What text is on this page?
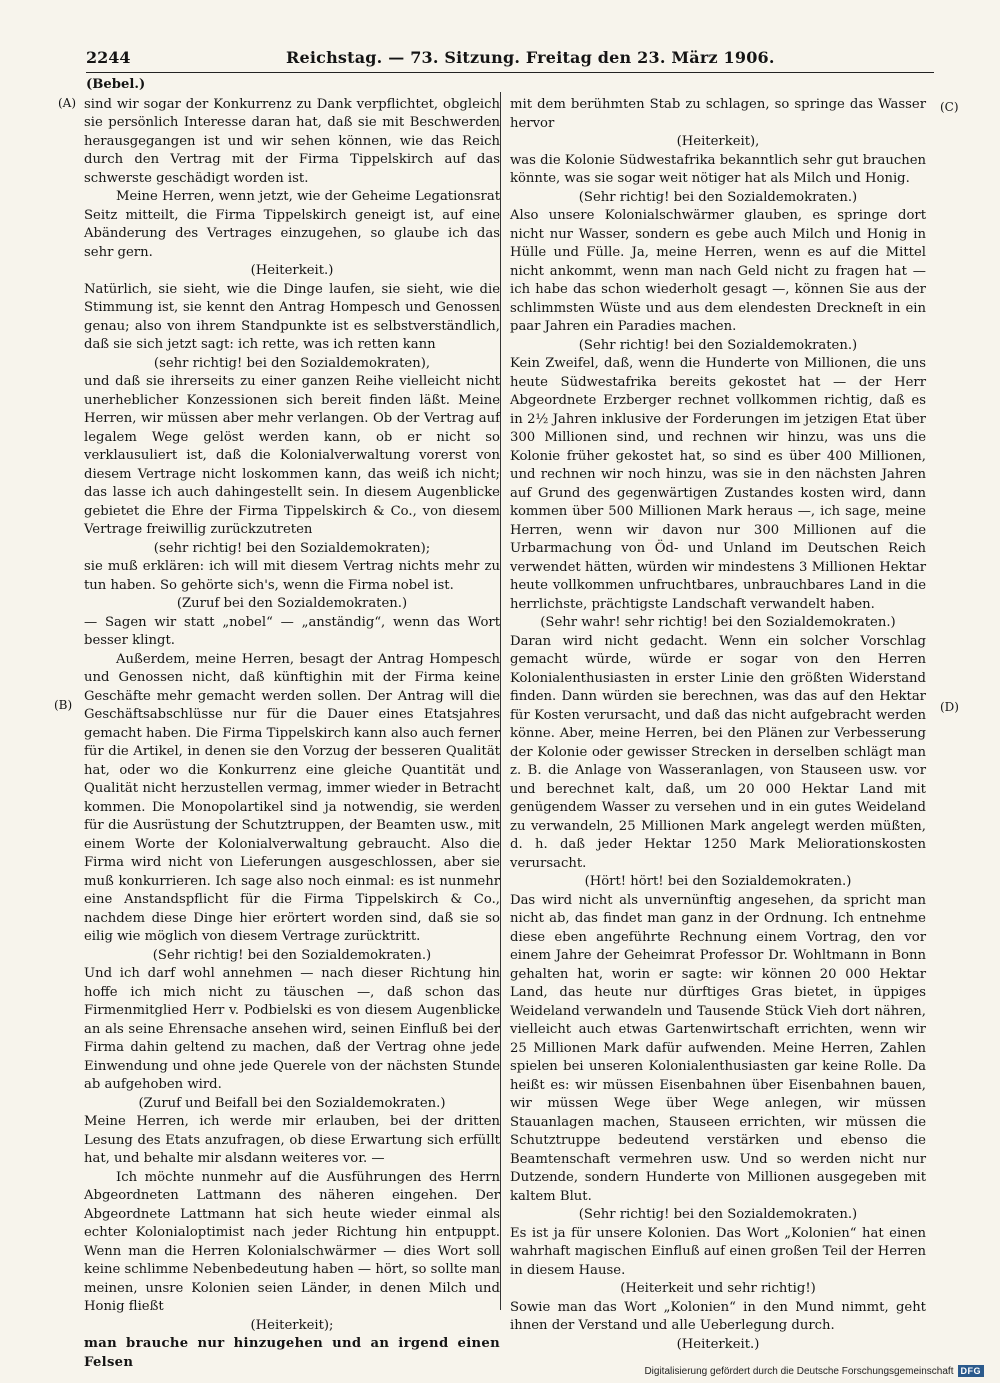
2244	Reichstag. — 73. Sitzung. Freitag den 23. März 1906.
(A)
(B)
(C)
(D)
(Bebel.)

sind wir sogar der Konkurrenz zu Dank verpflichtet, obgleich sie persönlich Interesse daran hat, daß sie mit Beschwerden herausgegangen ist und wir sehen können, wie das Reich durch den Vertrag mit der Firma Tippelskirch auf das schwerste geschädigt worden ist.

Meine Herren, wenn jetzt, wie der Geheime Legationsrat Seitz mitteilt, die Firma Tippelskirch geneigt ist, auf eine Abänderung des Vertrages einzugehen, so glaube ich das sehr gern.

(Heiterkeit.)

Natürlich, sie sieht, wie die Dinge laufen, sie sieht, wie die Stimmung ist, sie kennt den Antrag Hompesch und Genossen genau; also von ihrem Standpunkte ist es selbstverständlich, daß sie sich jetzt sagt: ich rette, was ich retten kann

(sehr richtig! bei den Sozialdemokraten),

und daß sie ihrerseits zu einer ganzen Reihe vielleicht nicht unerheblicher Konzessionen sich bereit finden läßt. Meine Herren, wir müssen aber mehr verlangen. Ob der Vertrag auf legalem Wege gelöst werden kann, ob er nicht so verklausuliert ist, daß die Kolonialverwaltung vorerst von diesem Vertrage nicht loskommen kann, das weiß ich nicht; das lasse ich auch dahingestellt sein. In diesem Augenblicke gebietet die Ehre der Firma Tippelskirch & Co., von diesem Vertrage freiwillig zurückzutreten

(sehr richtig! bei den Sozialdemokraten);

sie muß erklären: ich will mit diesem Vertrag nichts mehr zu tun haben. So gehörte sich's, wenn die Firma nobel ist.

(Zuruf bei den Sozialdemokraten.)

— Sagen wir statt „nobel“ — „anständig“, wenn das Wort besser klingt.

Außerdem, meine Herren, besagt der Antrag Hompesch und Genossen nicht, daß künftighin mit der Firma keine Geschäfte mehr gemacht werden sollen. Der Antrag will die Geschäftsabschlüsse nur für die Dauer eines Etatsjahres gemacht haben. Die Firma Tippelskirch kann also auch ferner für die Artikel, in denen sie den Vorzug der besseren Qualität hat, oder wo die Konkurrenz eine gleiche Quantität und Qualität nicht herzustellen vermag, immer wieder in Betracht kommen. Die Monopolartikel sind ja notwendig, sie werden für die Ausrüstung der Schutztruppen, der Beamten usw., mit einem Worte der Kolonialverwaltung gebraucht. Also die Firma wird nicht von Lieferungen ausgeschlossen, aber sie muß konkurrieren. Ich sage also noch einmal: es ist nunmehr eine Anstandspflicht für die Firma Tippelskirch & Co., nachdem diese Dinge hier erörtert worden sind, daß sie so eilig wie möglich von diesem Vertrage zurücktritt.

(Sehr richtig! bei den Sozialdemokraten.)

Und ich darf wohl annehmen — nach dieser Richtung hin hoffe ich mich nicht zu täuschen —, daß schon das Firmenmitglied Herr v. Podbielski es von diesem Augenblicke an als seine Ehrensache ansehen wird, seinen Einfluß bei der Firma dahin geltend zu machen, daß der Vertrag ohne jede Einwendung und ohne jede Querele von der nächsten Stunde ab aufgehoben wird.

(Zuruf und Beifall bei den Sozialdemokraten.)

Meine Herren, ich werde mir erlauben, bei der dritten Lesung des Etats anzufragen, ob diese Erwartung sich erfüllt hat, und behalte mir alsdann weiteres vor. —

Ich möchte nunmehr auf die Ausführungen des Herrn Abgeordneten Lattmann des näheren eingehen. Der Abgeordnete Lattmann hat sich heute wieder einmal als echter Kolonialoptimist nach jeder Richtung hin entpuppt. Wenn man die Herren Kolonialschwärmer — dies Wort soll keine schlimme Nebenbedeutung haben — hört, so sollte man meinen, unsre Kolonien seien Länder, in denen Milch und Honig fließt

(Heiterkeit);

man brauche nur hinzugehen und an irgend einen Felsen

mit dem berühmten Stab zu schlagen, so springe das Wasser hervor

(Heiterkeit),

was die Kolonie Südwestafrika bekanntlich sehr gut brauchen könnte, was sie sogar weit nötiger hat als Milch und Honig.

(Sehr richtig! bei den Sozialdemokraten.)

Also unsere Kolonialschwärmer glauben, es springe dort nicht nur Wasser, sondern es gebe auch Milch und Honig in Hülle und Fülle. Ja, meine Herren, wenn es auf die Mittel nicht ankommt, wenn man nach Geld nicht zu fragen hat — ich habe das schon wiederholt gesagt —, können Sie aus der schlimmsten Wüste und aus dem elendesten Dreckneſt in ein paar Jahren ein Paradies machen.

(Sehr richtig! bei den Sozialdemokraten.)

Kein Zweifel, daß, wenn die Hunderte von Millionen, die uns heute Südwestafrika bereits gekostet hat — der Herr Abgeordnete Erzberger rechnet vollkommen richtig, daß es in 2½ Jahren inklusive der Forderungen im jetzigen Etat über 300 Millionen sind, und rechnen wir hinzu, was uns die Kolonie früher gekostet hat, so sind es über 400 Millionen, und rechnen wir noch hinzu, was sie in den nächsten Jahren auf Grund des gegenwärtigen Zustandes kosten wird, dann kommen über 500 Millionen Mark heraus —, ich sage, meine Herren, wenn wir davon nur 300 Millionen auf die Urbarmachung von Öd- und Unland im Deutschen Reich verwendet hätten, würden wir mindestens 3 Millionen Hektar heute vollkommen unfruchtbares, unbrauchbares Land in die herrlichste, prächtigste Landschaft verwandelt haben.

(Sehr wahr! sehr richtig! bei den Sozialdemokraten.)

Daran wird nicht gedacht. Wenn ein solcher Vorschlag gemacht würde, würde er sogar von den Herren Kolonialenthusiasten in erster Linie den größten Widerstand finden. Dann würden sie berechnen, was das auf den Hektar für Kosten verursacht, und daß das nicht aufgebracht werden könne. Aber, meine Herren, bei den Plänen zur Verbesserung der Kolonie oder gewisser Strecken in derselben schlägt man z. B. die Anlage von Wasseranlagen, von Stauseen usw. vor und berechnet kalt, daß, um 20 000 Hektar Land mit genügendem Wasser zu versehen und in ein gutes Weideland zu verwandeln, 25 Millionen Mark angelegt werden müßten, d. h. daß jeder Hektar 1250 Mark Meliorationskosten verursacht.

(Hört! hört! bei den Sozialdemokraten.)

Das wird nicht als unvernünftig angesehen, da spricht man nicht ab, das findet man ganz in der Ordnung. Ich entnehme diese eben angeführte Rechnung einem Vortrag, den vor einem Jahre der Geheimrat Professor Dr. Wohltmann in Bonn gehalten hat, worin er sagte: wir können 20 000 Hektar Land, das heute nur dürftiges Gras bietet, in üppiges Weideland verwandeln und Tausende Stück Vieh dort nähren, vielleicht auch etwas Gartenwirtschaft errichten, wenn wir 25 Millionen Mark dafür aufwenden. Meine Herren, Zahlen spielen bei unseren Kolonialenthusiasten gar keine Rolle. Da heißt es: wir müssen Eisenbahnen über Eisenbahnen bauen, wir müssen Wege über Wege anlegen, wir müssen Stauanlagen machen, Stauseen errichten, wir müssen die Schutztruppe bedeutend verstärken und ebenso die Beamtenschaft vermehren usw. Und so werden nicht nur Dutzende, sondern Hunderte von Millionen ausgegeben mit kaltem Blut.

(Sehr richtig! bei den Sozialdemokraten.)

Es ist ja für unsere Kolonien. Das Wort „Kolonien“ hat einen wahrhaft magischen Einfluß auf einen großen Teil der Herren in diesem Hause.

(Heiterkeit und sehr richtig!)

Sowie man das Wort „Kolonien“ in den Mund nimmt, geht ihnen der Verstand und alle Ueberlegung durch.

(Heiterkeit.)

Digitalisierung gefördert durch die Deutsche Forschungsgemeinschaft DFG
